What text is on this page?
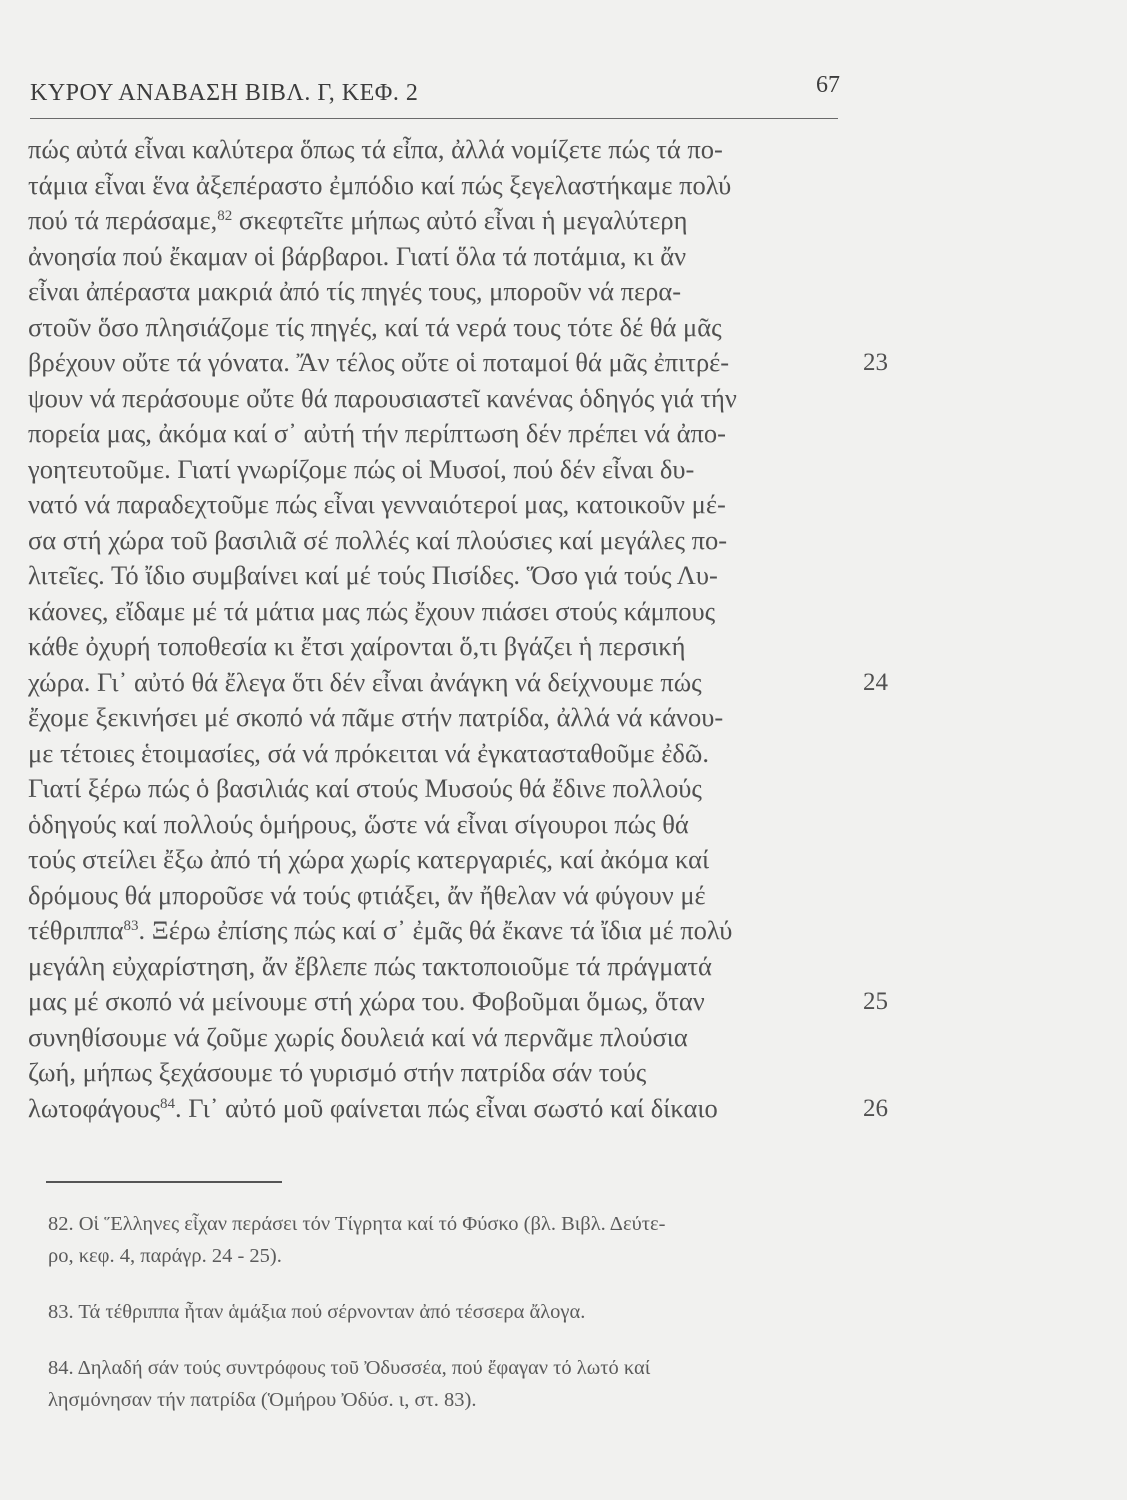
ΚΥΡΟΥ ΑΝΑΒΑΣΗ ΒΙΒΛ. Γ, ΚΕΦ. 2	67
πώς αὐτά εἶναι καλύτερα ὅπως τά εἶπα, ἀλλά νομίζετε πώς τά πο-
τάμια εἶναι ἕνα ἀξεπέραστο ἐμπόδιο καί πώς ξεγελαστήκαμε πολύ
πού τά περάσαμε,$^{82}$ σκεφτεῖτε μήπως αὐτό εἶναι ἡ μεγαλύτερη
ἀνοησία πού ἔκαμαν οἱ βάρβαροι. Γιατί ὅλα τά ποτάμια, κι ἄν
εἶναι ἀπέραστα μακριά ἀπό τίς πηγές τους, μποροῦν νά περα-
στοῦν ὅσο πλησιάζομε τίς πηγές, καί τά νερά τους τότε δέ θά μᾶς
βρέχουν οὔτε τά γόνατα. Ἄν τέλος οὔτε οἱ ποταμοί θά μᾶς ἐπιτρέ-	23
ψουν νά περάσουμε οὔτε θά παρουσιαστεῖ κανένας ὁδηγός γιά τήν
πορεία μας, ἀκόμα καί σ᾽ αὐτή τήν περίπτωση δέν πρέπει νά ἀπο-
γοητευτοῦμε. Γιατί γνωρίζομε πώς οἱ Μυσοί, πού δέν εἶναι δυ-
νατό νά παραδεχτοῦμε πώς εἶναι γενναιότεροί μας, κατοικοῦν μέ-
σα στή χώρα τοῦ βασιλιᾶ σέ πολλές καί πλούσιες καί μεγάλες πο-
λιτεῖες. Τό ἴδιο συμβαίνει καί μέ τούς Πισίδες. Ὅσο γιά τούς Λυ-
κάονες, εἴδαμε μέ τά μάτια μας πώς ἔχουν πιάσει στούς κάμπους
κάθε ὀχυρή τοποθεσία κι ἔτσι χαίρονται ὅ,τι βγάζει ἡ περσική
χώρα. Γι᾽ αὐτό θά ἔλεγα ὅτι δέν εἶναι ἀνάγκη νά δείχνουμε πώς	24
ἔχομε ξεκινήσει μέ σκοπό νά πᾶμε στήν πατρίδα, ἀλλά νά κάνου-
με τέτοιες ἑτοιμασίες, σά νά πρόκειται νά ἐγκατασταθοῦμε ἐδῶ.
Γιατί ξέρω πώς ὁ βασιλιάς καί στούς Μυσούς θά ἔδινε πολλούς
ὁδηγούς καί πολλούς ὁμήρους, ὥστε νά εἶναι σίγουροι πώς θά
τούς στείλει ἔξω ἀπό τή χώρα χωρίς κατεργαριές, καί ἀκόμα καί
δρόμους θά μποροῦσε νά τούς φτιάξει, ἄν ἤθελαν νά φύγουν μέ
τέθριππα$^{83}$. Ξέρω ἐπίσης πώς καί σ᾽ ἐμᾶς θά ἔκανε τά ἴδια μέ πολύ
μεγάλη εὐχαρίστηση, ἄν ἔβλεπε πώς τακτοποιοῦμε τά πράγματά
μας μέ σκοπό νά μείνουμε στή χώρα του. Φοβοῦμαι ὅμως, ὅταν	25
συνηθίσουμε νά ζοῦμε χωρίς δουλειά καί νά περνᾶμε πλούσια
ζωή, μήπως ξεχάσουμε τό γυρισμό στήν πατρίδα σάν τούς
λωτοφάγους$^{84}$. Γι᾽ αὐτό μοῦ φαίνεται πώς εἶναι σωστό καί δίκαιο	26
82. Οἱ Ἕλληνες εἶχαν περάσει τόν Τίγρητα καί τό Φύσκο (βλ. Βιβλ. Δεύτε-
ρο, κεφ. 4, παράγρ. 24 - 25).
83. Τά τέθριππα ἦταν ἁμάξια πού σέρνονταν ἀπό τέσσερα ἄλογα.
84. Δηλαδή σάν τούς συντρόφους τοῦ Ὀδυσσέα, πού ἔφαγαν τό λωτό καί
λησμόνησαν τήν πατρίδα (Ὁμήρου Ὀδύσ. ι, στ. 83).
